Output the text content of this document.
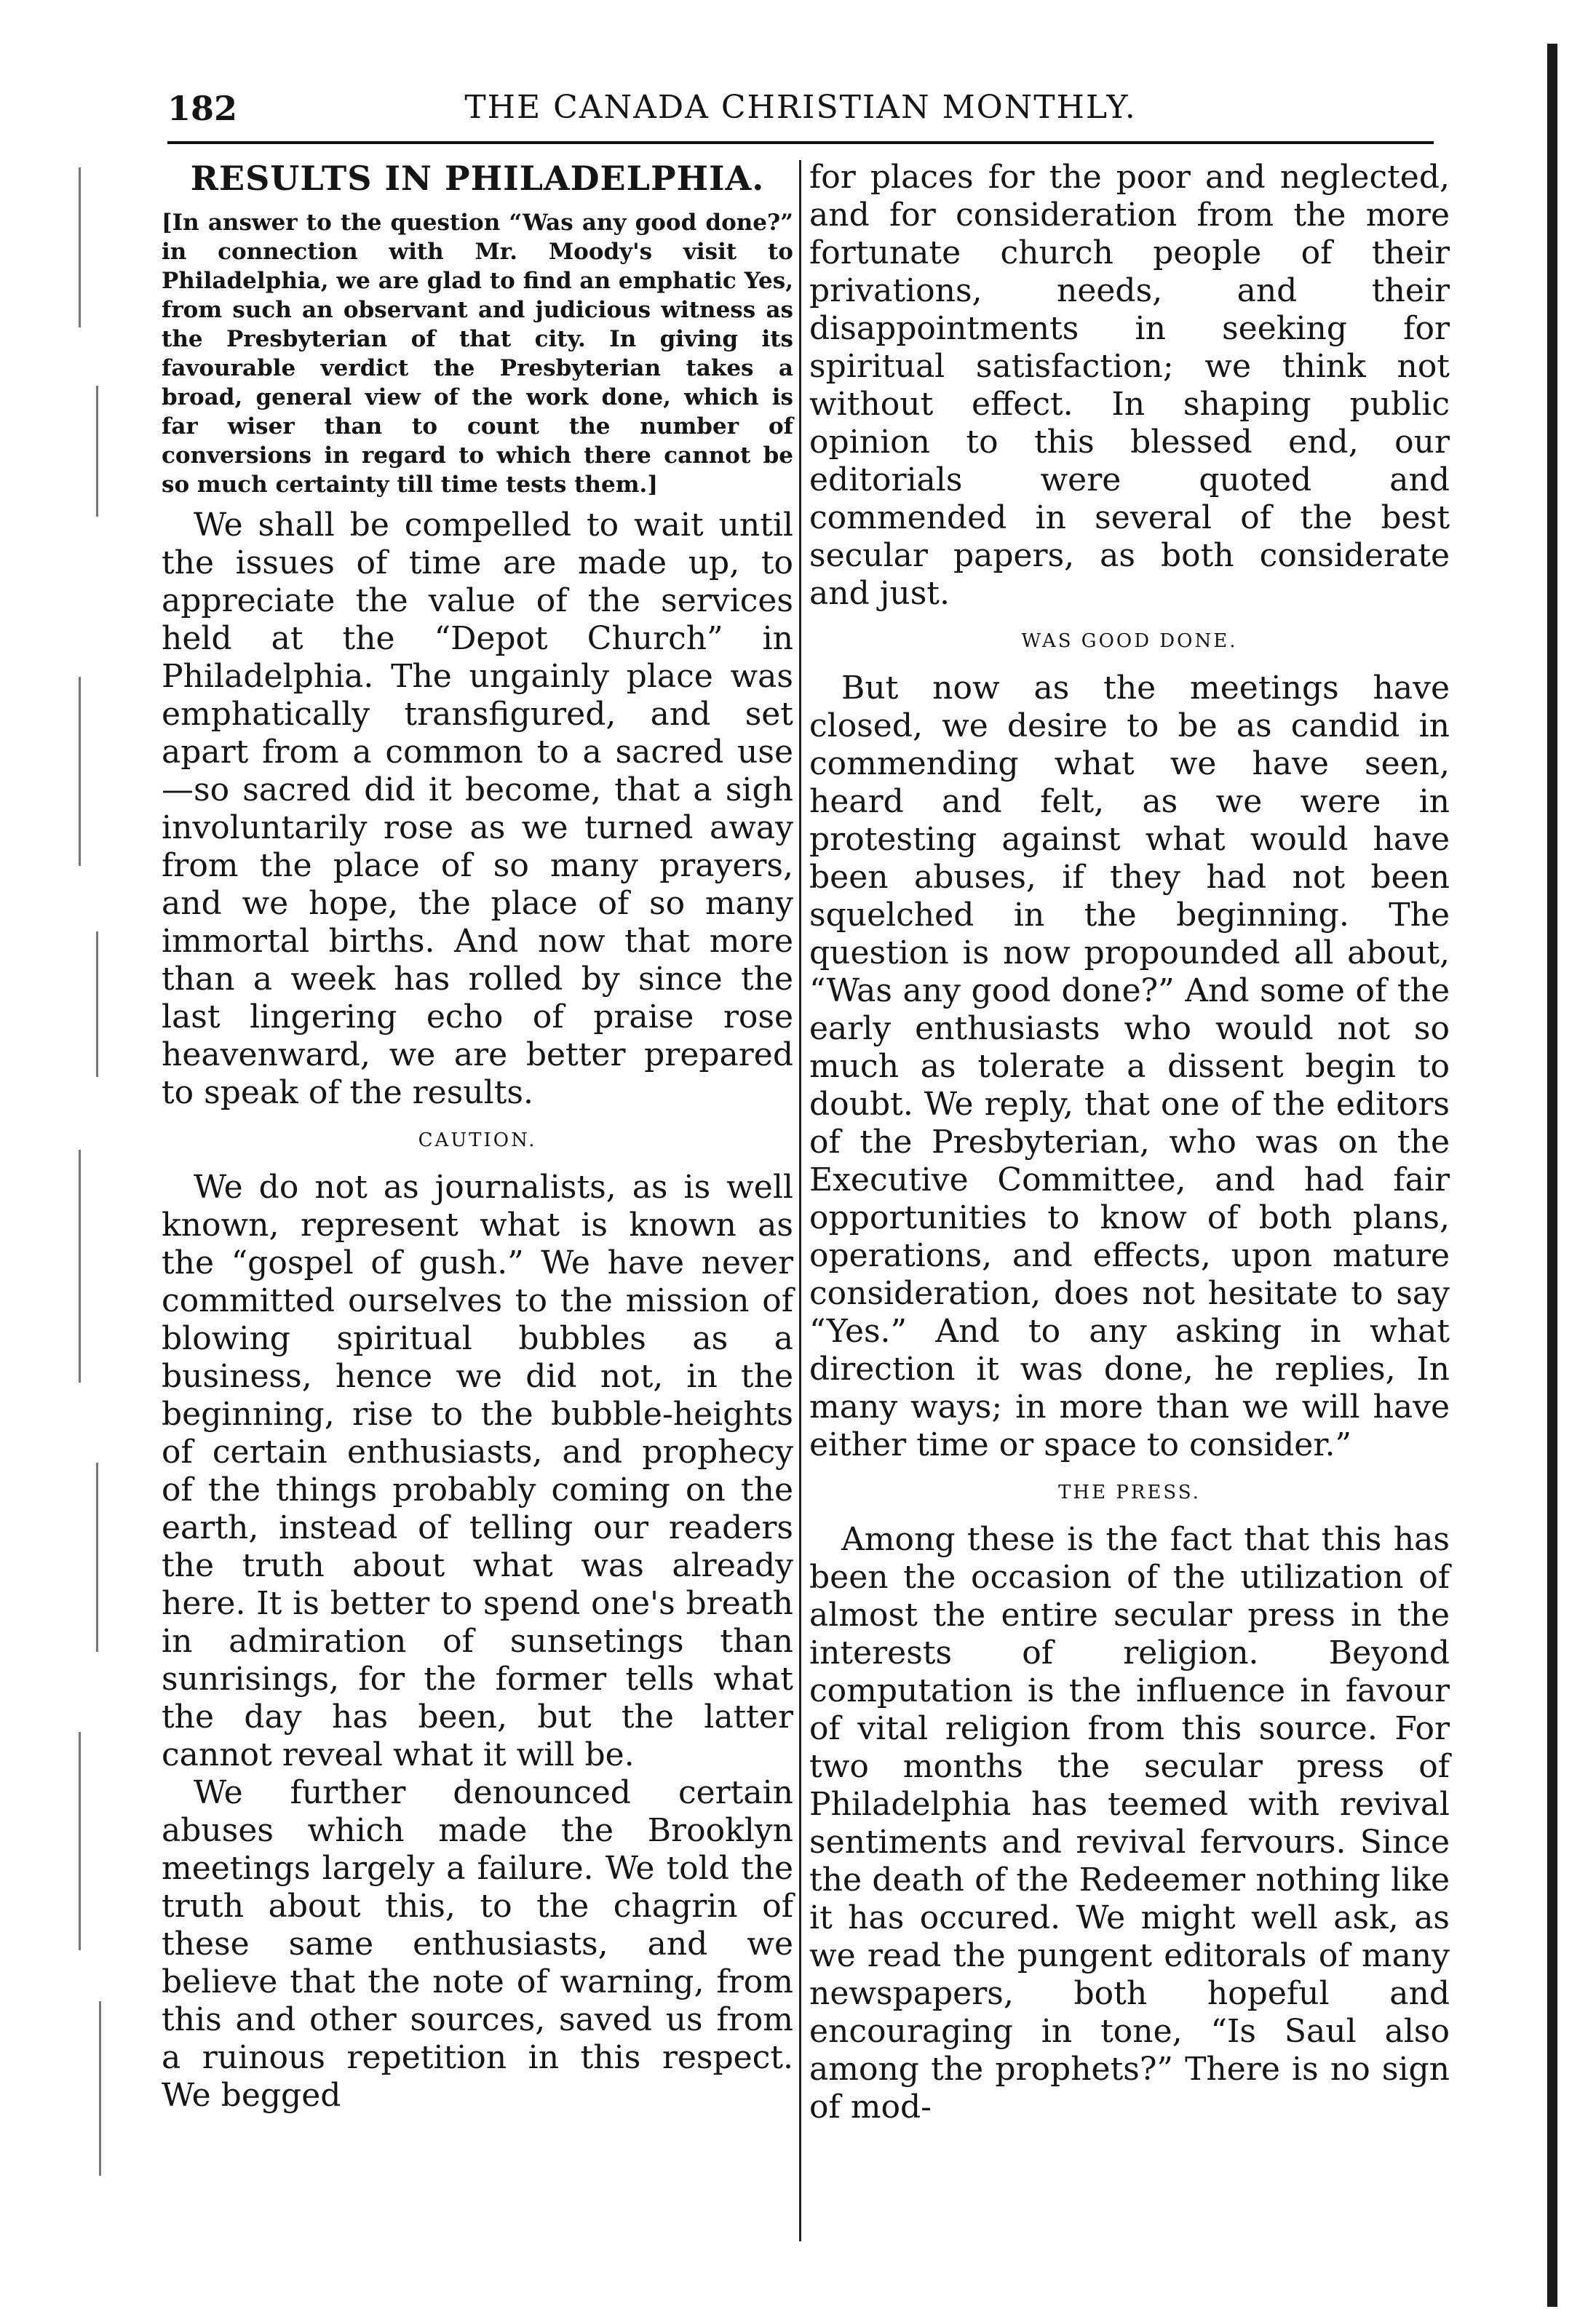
182	THE CANADA CHRISTIAN MONTHLY.
RESULTS IN PHILADELPHIA.

[In answer to the question “Was any good done?” in connection with Mr. Moody's visit to Philadelphia, we are glad to find an emphatic Yes, from such an observant and judicious witness as the Presbyterian of that city. In giving its favourable verdict the Presbyterian takes a broad, general view of the work done, which is far wiser than to count the number of conversions in regard to which there cannot be so much certainty till time tests them.]

We shall be compelled to wait until the issues of time are made up, to appreciate the value of the services held at the “Depot Church” in Philadelphia. The ungainly place was emphatically transfigured, and set apart from a common to a sacred use—so sacred did it become, that a sigh involuntarily rose as we turned away from the place of so many prayers, and we hope, the place of so many immortal births. And now that more than a week has rolled by since the last lingering echo of praise rose heavenward, we are better prepared to speak of the results.

CAUTION.

We do not as journalists, as is well known, represent what is known as the “gospel of gush.” We have never committed ourselves to the mission of blowing spiritual bubbles as a business, hence we did not, in the beginning, rise to the bubble-heights of certain enthusiasts, and prophecy of the things probably coming on the earth, instead of telling our readers the truth about what was already here. It is better to spend one's breath in admiration of sunsetings than sunrisings, for the former tells what the day has been, but the latter cannot reveal what it will be.

We further denounced certain abuses which made the Brooklyn meetings largely a failure. We told the truth about this, to the chagrin of these same enthusiasts, and we believe that the note of warning, from this and other sources, saved us from a ruinous repetition in this respect. We begged

for places for the poor and neglected, and for consideration from the more fortunate church people of their privations, needs, and their disappointments in seeking for spiritual satisfaction; we think not without effect. In shaping public opinion to this blessed end, our editorials were quoted and commended in several of the best secular papers, as both considerate and just.

WAS GOOD DONE.

But now as the meetings have closed, we desire to be as candid in commending what we have seen, heard and felt, as we were in protesting against what would have been abuses, if they had not been squelched in the beginning. The question is now propounded all about, “Was any good done?” And some of the early enthusiasts who would not so much as tolerate a dissent begin to doubt. We reply, that one of the editors of the Presbyterian, who was on the Executive Committee, and had fair opportunities to know of both plans, operations, and effects, upon mature consideration, does not hesitate to say “Yes.” And to any asking in what direction it was done, he replies, In many ways; in more than we will have either time or space to consider.”

THE PRESS.

Among these is the fact that this has been the occasion of the utilization of almost the entire secular press in the interests of religion. Beyond computation is the influence in favour of vital religion from this source. For two months the secular press of Philadelphia has teemed with revival sentiments and revival fervours. Since the death of the Redeemer nothing like it has occured. We might well ask, as we read the pungent editorals of many newspapers, both hopeful and encouraging in tone, “Is Saul also among the prophets?” There is no sign of mod-
